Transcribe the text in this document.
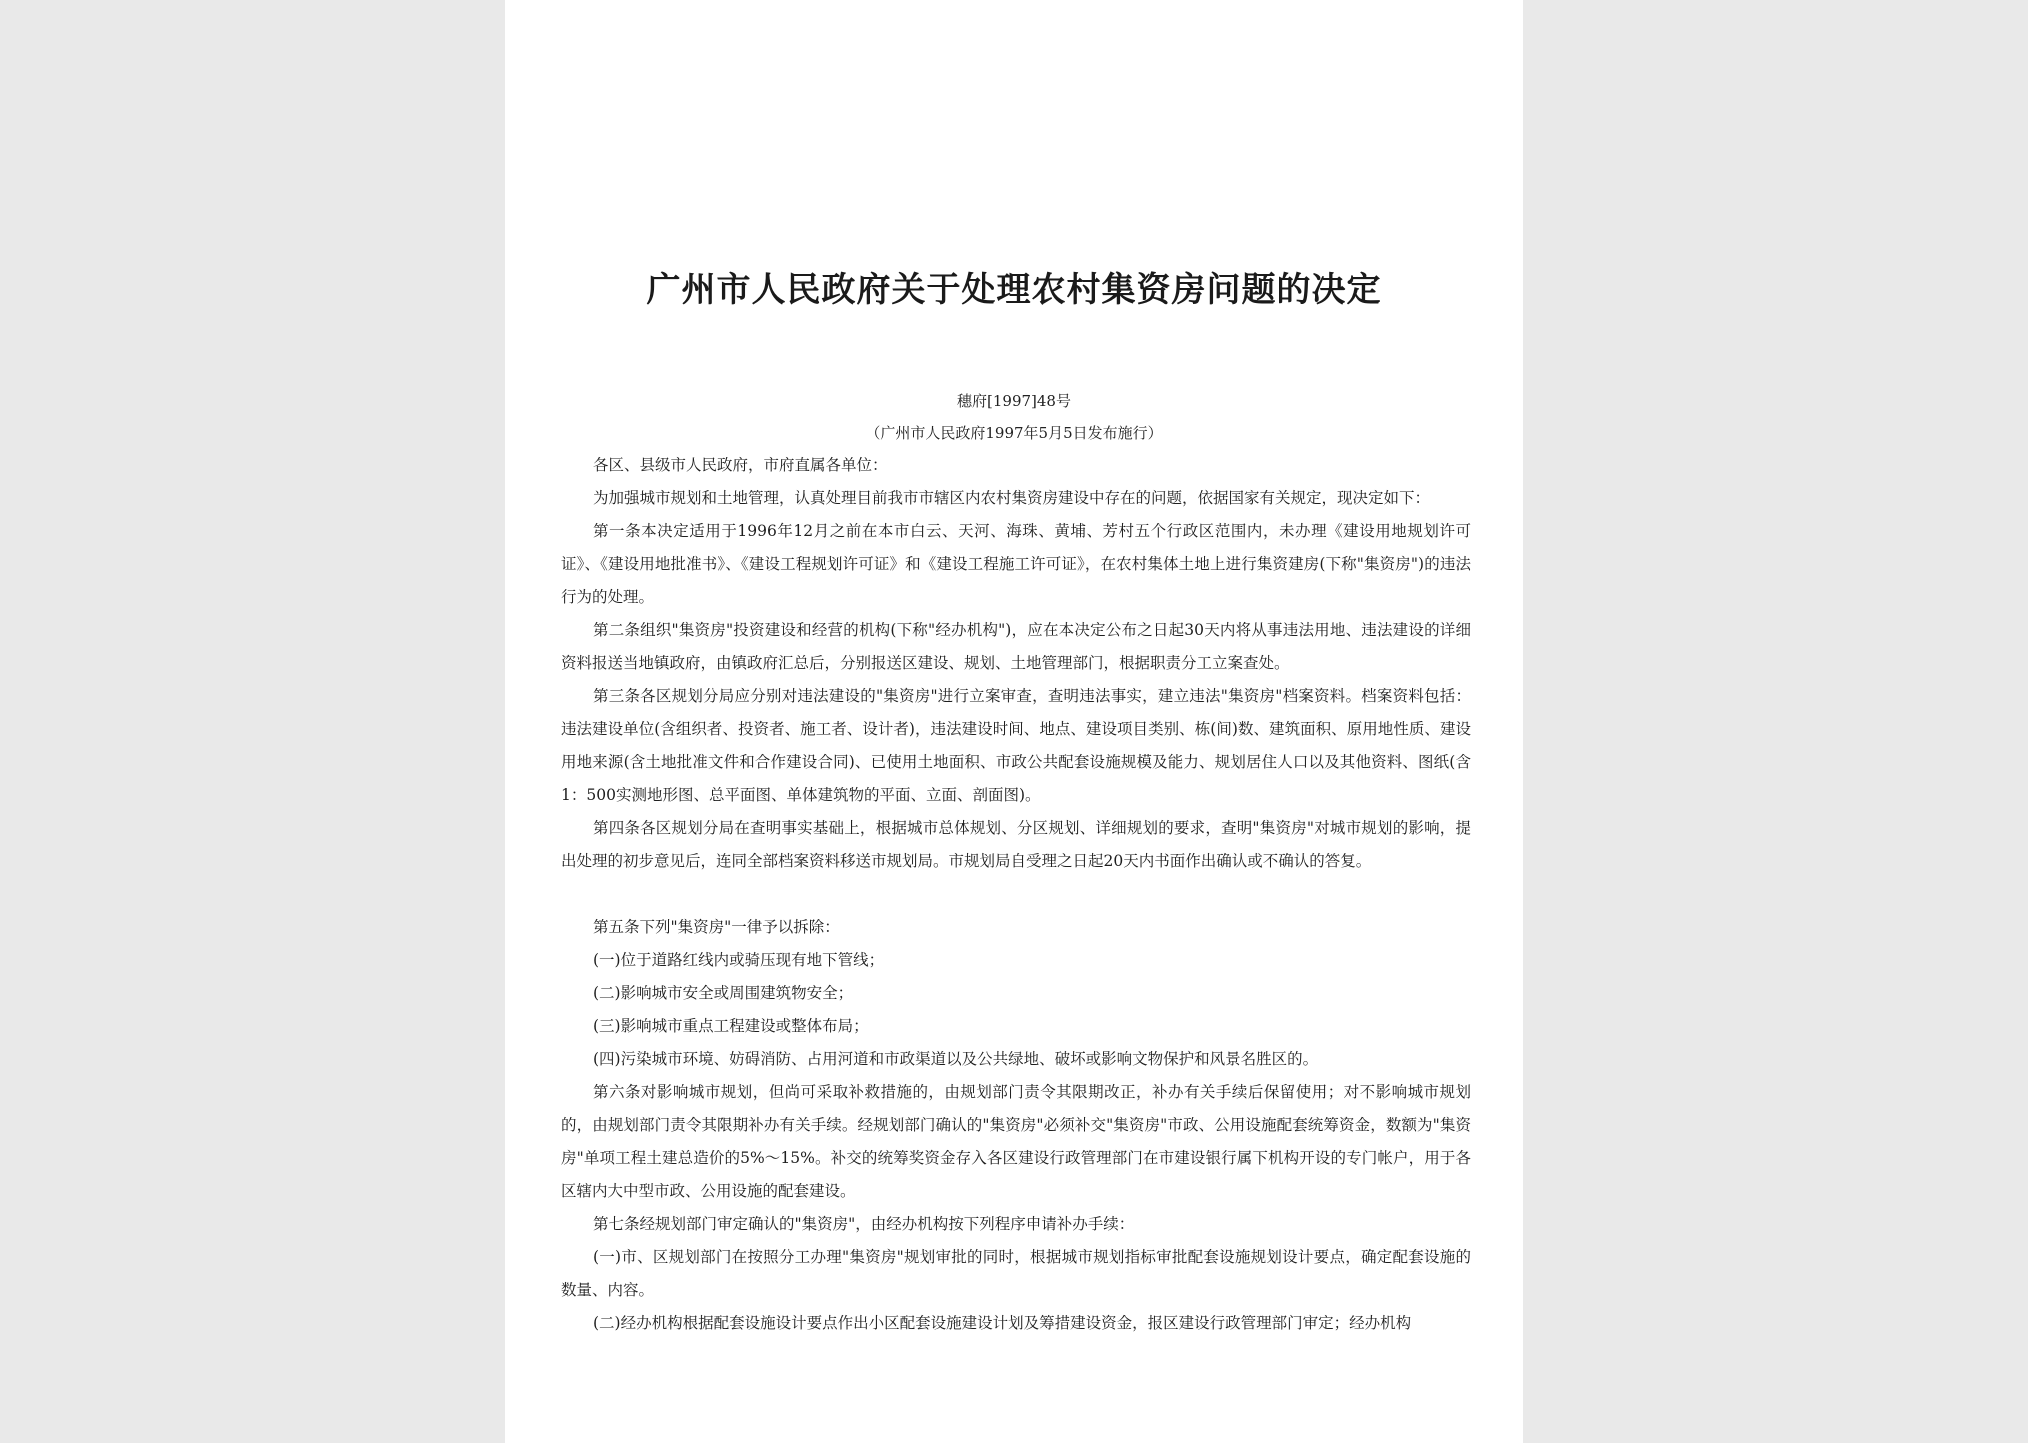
广州市人民政府关于处理农村集资房问题的决定
穗府[1997]48号
（广州市人民政府1997年5月5日发布施行）

各区、县级市人民政府，市府直属各单位：

为加强城市规划和土地管理，认真处理目前我市市辖区内农村集资房建设中存在的问题，依据国家有关规定，现决定如下：

第一条本决定适用于1996年12月之前在本市白云、天河、海珠、黄埔、芳村五个行政区范围内，未办理《建设用地规划许可证》、《建设用地批准书》、《建设工程规划许可证》和《建设工程施工许可证》，在农村集体土地上进行集资建房(下称"集资房")的违法行为的处理。

第二条组织"集资房"投资建设和经营的机构(下称"经办机构")，应在本决定公布之日起30天内将从事违法用地、违法建设的详细资料报送当地镇政府，由镇政府汇总后，分别报送区建设、规划、土地管理部门，根据职责分工立案查处。

第三条各区规划分局应分别对违法建设的"集资房"进行立案审查，查明违法事实，建立违法"集资房"档案资料。档案资料包括：违法建设单位(含组织者、投资者、施工者、设计者)，违法建设时间、地点、建设项目类别、栋(间)数、建筑面积、原用地性质、建设用地来源(含土地批准文件和合作建设合同)、已使用土地面积、市政公共配套设施规模及能力、规划居住人口以及其他资料、图纸(含1：500实测地形图、总平面图、单体建筑物的平面、立面、剖面图)。

第四条各区规划分局在查明事实基础上，根据城市总体规划、分区规划、详细规划的要求，查明"集资房"对城市规划的影响，提出处理的初步意见后，连同全部档案资料移送市规划局。市规划局自受理之日起20天内书面作出确认或不确认的答复。

第五条下列"集资房"一律予以拆除：

(一)位于道路红线内或骑压现有地下管线；

(二)影响城市安全或周围建筑物安全；

(三)影响城市重点工程建设或整体布局；

(四)污染城市环境、妨碍消防、占用河道和市政渠道以及公共绿地、破坏或影响文物保护和风景名胜区的。

第六条对影响城市规划，但尚可采取补救措施的，由规划部门责令其限期改正，补办有关手续后保留使用；对不影响城市规划的，由规划部门责令其限期补办有关手续。经规划部门确认的"集资房"必须补交"集资房"市政、公用设施配套统筹资金，数额为"集资房"单项工程土建总造价的5%～15%。补交的统筹奖资金存入各区建设行政管理部门在市建设银行属下机构开设的专门帐户，用于各区辖内大中型市政、公用设施的配套建设。

第七条经规划部门审定确认的"集资房"，由经办机构按下列程序申请补办手续：

(一)市、区规划部门在按照分工办理"集资房"规划审批的同时，根据城市规划指标审批配套设施规划设计要点，确定配套设施的数量、内容。

(二)经办机构根据配套设施设计要点作出小区配套设施建设计划及筹措建设资金，报区建设行政管理部门审定；经办机构
